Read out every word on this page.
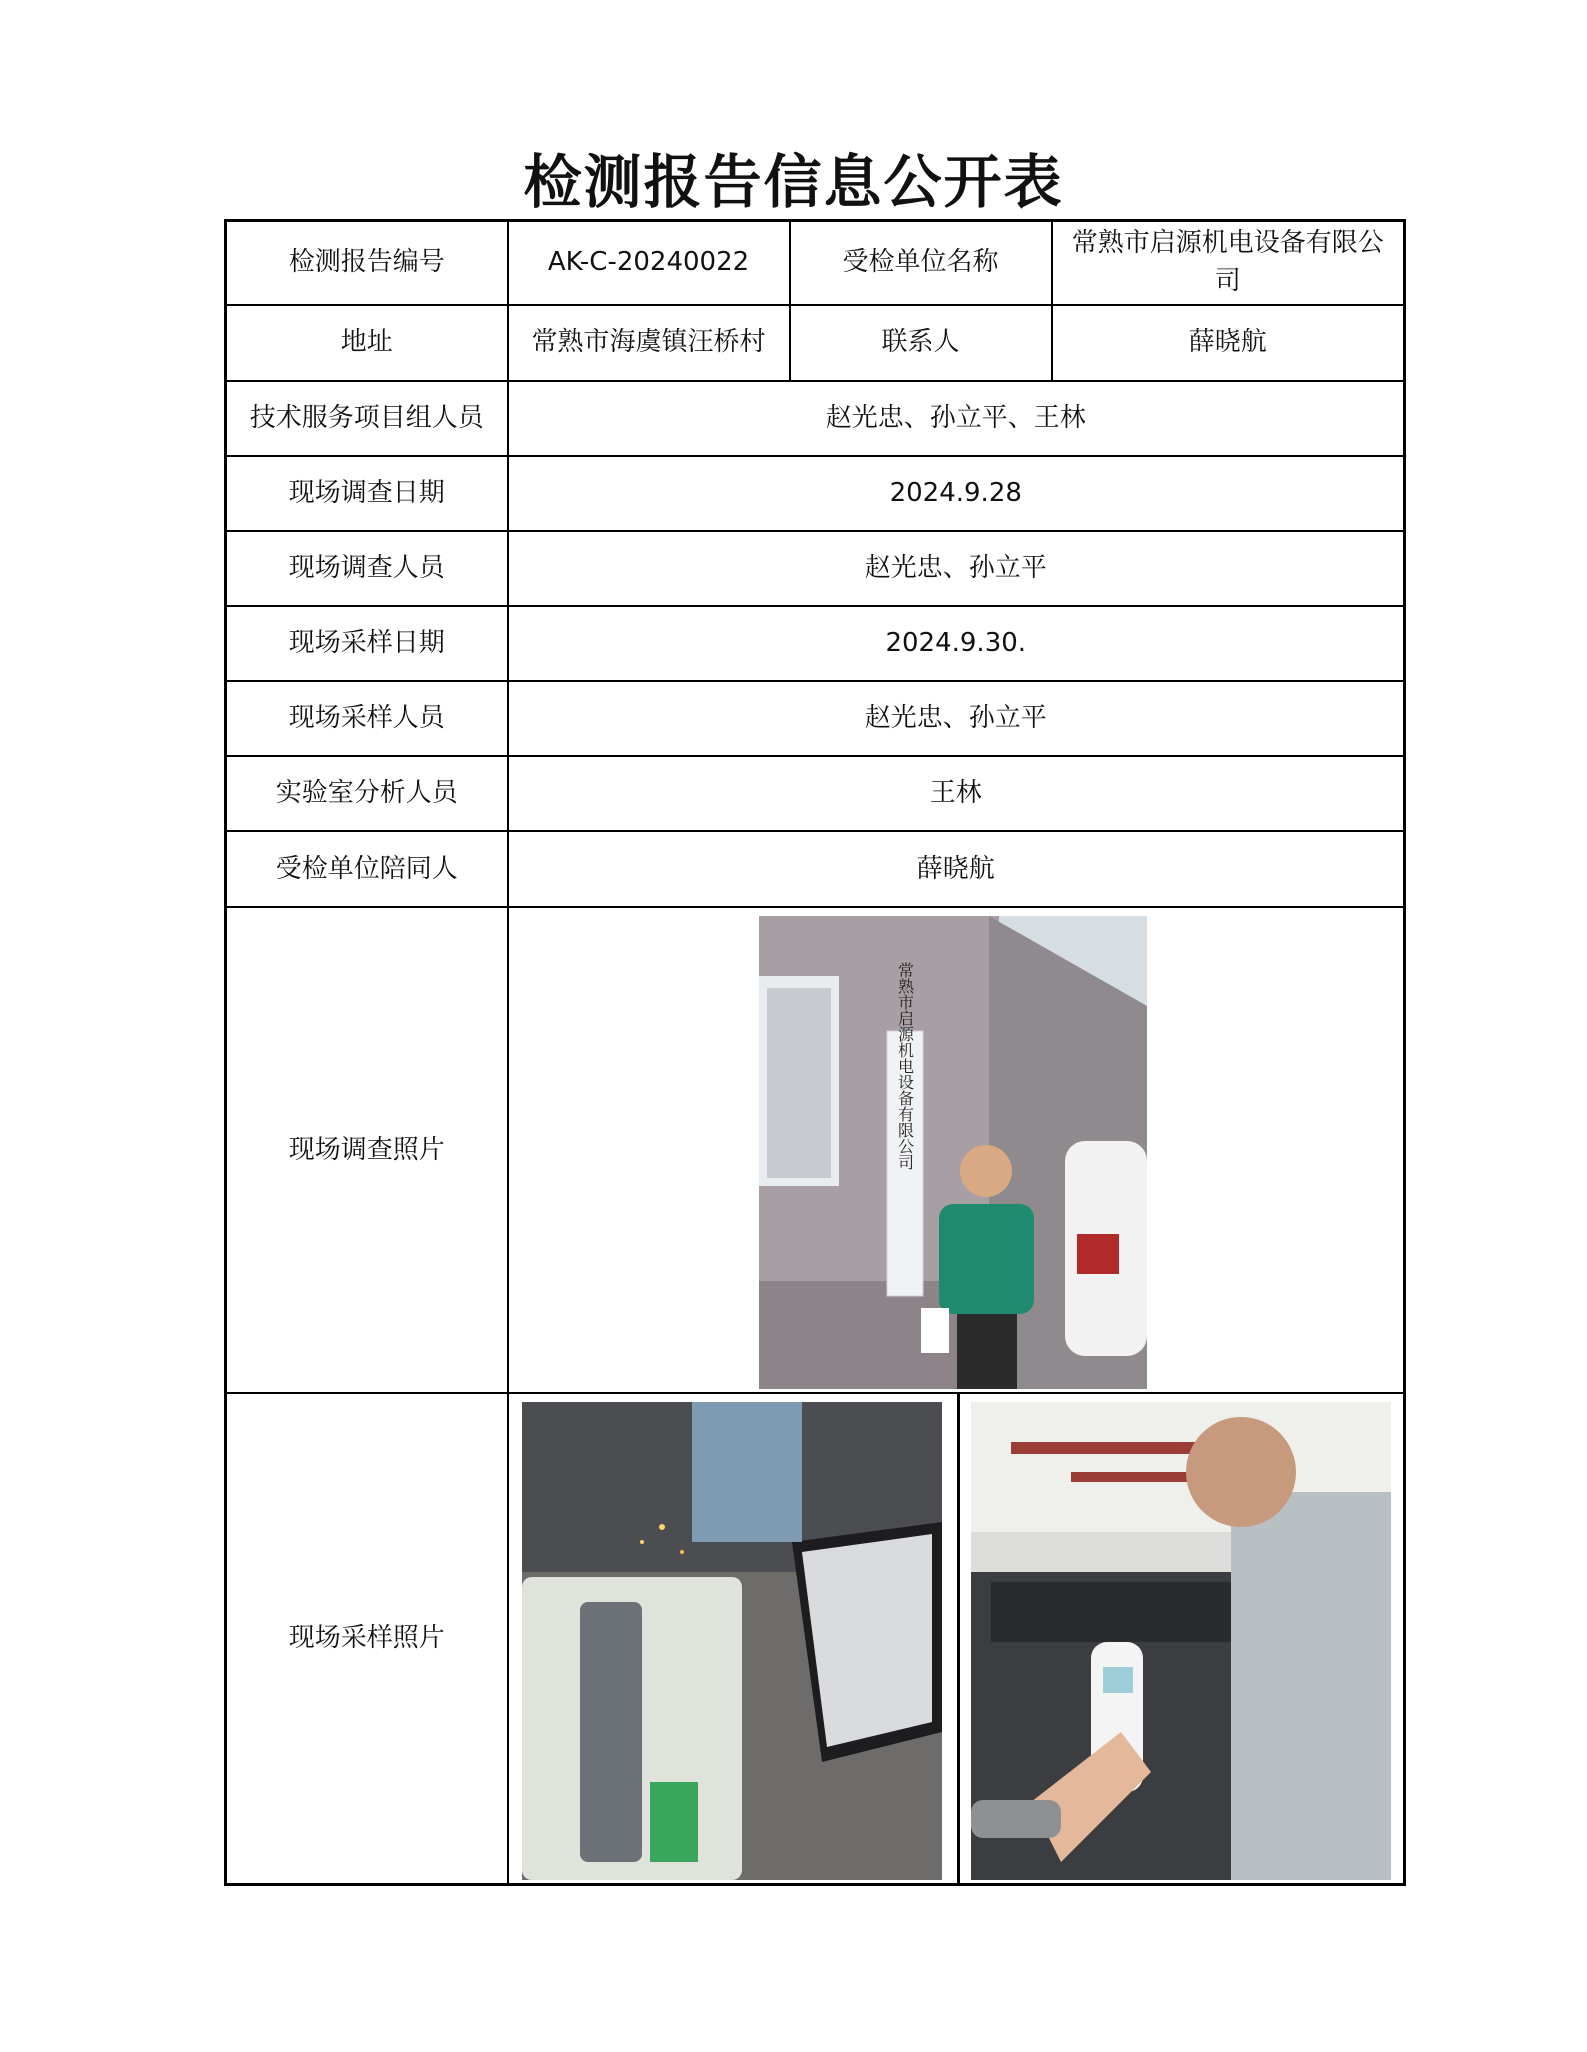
检测报告信息公开表
检测报告编号	AK-C-20240022	受检单位名称	常熟市启源机电设备有限公司
地址	常熟市海虞镇汪桥村	联系人	薛晓航
技术服务项目组人员	赵光忠、孙立平、王林		
现场调查日期	2024.9.28		
现场调查人员	赵光忠、孙立平		
现场采样日期	2024.9.30.		
现场采样人员	赵光忠、孙立平		
实验室分析人员	王林		
受检单位陪同人	薛晓航		
现场调查照片	常熟市启源机电设备有限公司		

现场采样照片	
